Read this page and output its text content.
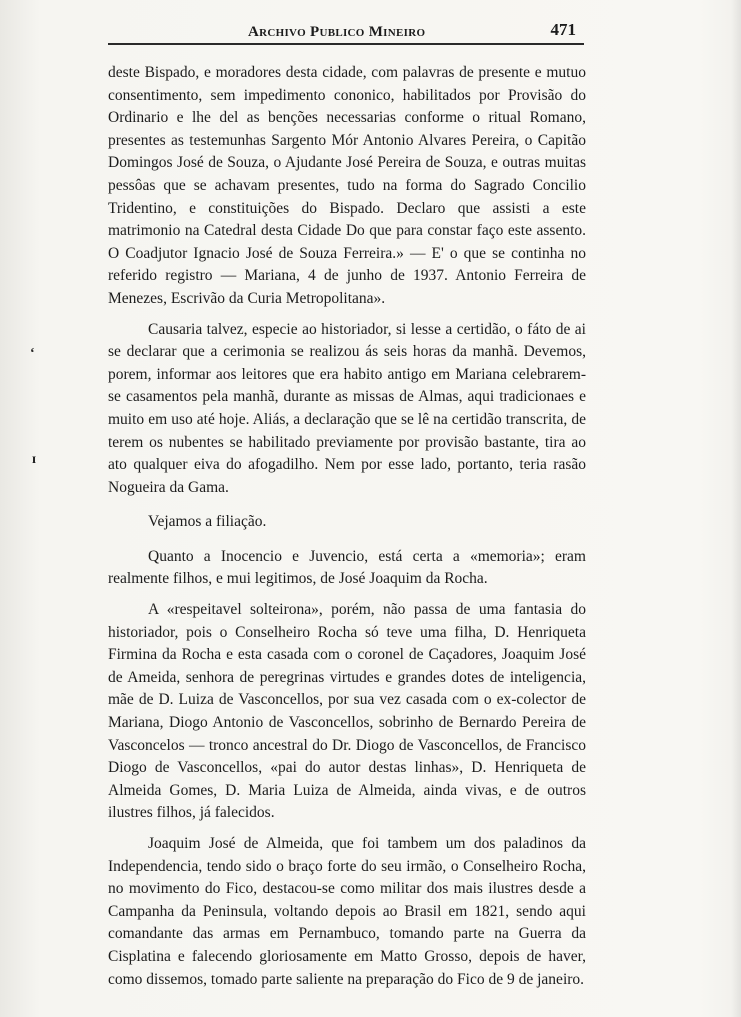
Archivo Publico Mineiro	471

deste Bispado, e moradores desta cidade, com palavras de presente e mutuo consentimento, sem impedimento cononico, habilitados por Provisão do Ordinario e lhe del as benções necessarias conforme o ritual Romano, presentes as testemunhas Sargento Mór Antonio Alvares Pereira, o Capitão Domingos José de Souza, o Ajudante José Pereira de Souza, e outras muitas pessôas que se achavam presentes, tudo na forma do Sagrado Concilio Tridentino, e constituições do Bispado. Declaro que assisti a este matrimonio na Catedral desta Cidade Do que para constar faço este assento. O Coadjutor Ignacio José de Souza Ferreira.» — E' o que se continha no referido registro — Mariana, 4 de junho de 1937. Antonio Ferreira de Menezes, Escrivão da Curia Metropolitana».

Causaria talvez, especie ao historiador, si lesse a certidão, o fáto de ai se declarar que a cerimonia se realizou ás seis horas da manhã. Devemos, porem, informar aos leitores que era habito antigo em Mariana celebrarem-se casamentos pela manhã, durante as missas de Almas, aqui tradicionaes e muito em uso até hoje. Aliás, a declaração que se lê na certidão transcrita, de terem os nubentes se habilitado previamente por provisão bastante, tira ao ato qualquer eiva do afogadilho. Nem por esse lado, portanto, teria rasão Nogueira da Gama.

Vejamos a filiação.

Quanto a Inocencio e Juvencio, está certa a «memoria»; eram realmente filhos, e mui legitimos, de José Joaquim da Rocha.

A «respeitavel solteirona», porém, não passa de uma fantasia do historiador, pois o Conselheiro Rocha só teve uma filha, D. Henriqueta Firmina da Rocha e esta casada com o coronel de Caçadores, Joaquim José de Ameida, senhora de peregrinas virtudes e grandes dotes de inteligencia, mãe de D. Luiza de Vasconcellos, por sua vez casada com o ex-colector de Mariana, Diogo Antonio de Vasconcellos, sobrinho de Bernardo Pereira de Vasconcelos — tronco ancestral do Dr. Diogo de Vasconcellos, de Francisco Diogo de Vasconcellos, «pai do autor destas linhas», D. Henriqueta de Almeida Gomes, D. Maria Luiza de Almeida, ainda vivas, e de outros ilustres filhos, já falecidos.

Joaquim José de Almeida, que foi tambem um dos paladinos da Independencia, tendo sido o braço forte do seu irmão, o Conselheiro Rocha, no movimento do Fico, destacou-se como militar dos mais ilustres desde a Campanha da Peninsula, voltando depois ao Brasil em 1821, sendo aqui comandante das armas em Pernambuco, tomando parte na Guerra da Cisplatina e falecendo gloriosamente em Matto Grosso, depois de haver, como dissemos, tomado parte saliente na preparação do Fico de 9 de janeiro.

‘
ɪ
